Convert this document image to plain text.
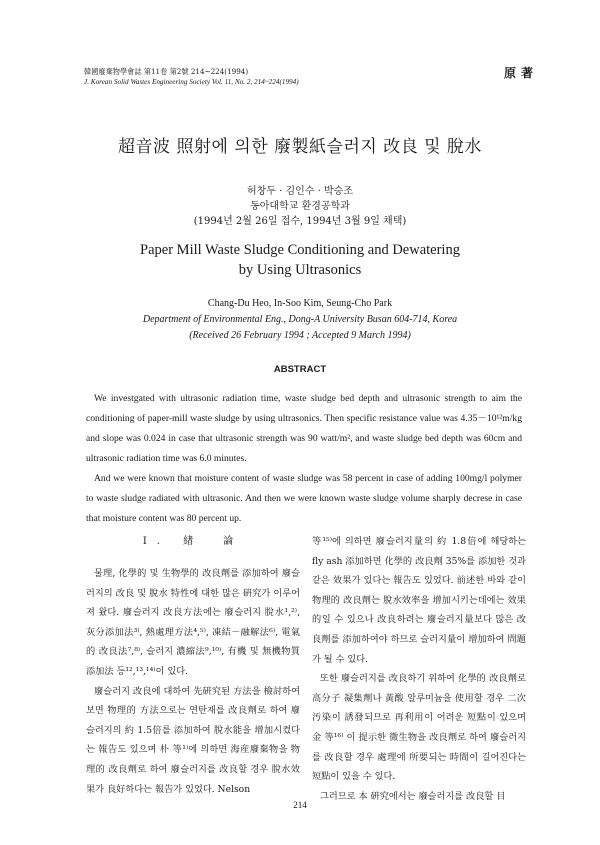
韓國廢棄物學會誌 第11卷 第2號 214~224(1994)
J. Korean Solid Wastes Engineering Society Vol. 11, No. 2, 214~224(1994)
原著
超音波 照射에 의한 廢製紙슬러지 改良 및 脫水
허창두 · 김인수 · 박승조
동아대학교 환경공학과
(1994년 2월 26일 접수, 1994년 3월 9일 채택)
Paper Mill Waste Sludge Conditioning and Dewatering
by Using Ultrasonics
Chang-Du Heo, In-Soo Kim, Seung-Cho Park
Department of Environmental Eng., Dong-A University Busan 604-714, Korea
(Received 26 February 1994 ; Accepted 9 March 1994)
ABSTRACT

We investgated with ultrasonic radiation time, waste sludge bed depth and ultrasonic strength to aim the conditioning of paper-mill waste sludge by using ultrasonics. Then specific resistance value was 4.35－10¹²m/kg and slope was 0.024 in case that ultrasonic strength was 90 watt/m², and waste sludge bed depth was 60cm and ultrasonic radiation time was 6.0 minutes.

And we were known that moisture content of waste sludge was 58 percent in case of adding 100mg/l polymer to waste sludge radiated with ultrasonic. And then we were known waste sludge volume sharply decrese in case that moisture content was 80 percent up.

Ⅰ. 緖　論

물理, 化學的 및 生物學的 改良劑를 添加하여 廢슬러지의 改良 및 脫水 特性에 대한 많은 硏究가 이루어져 왔다. 廢슬러지 改良方法에는 廢슬러지 脫水¹,²⁾, 灰分添加法³⁾, 熱處理方法⁴,⁵⁾, 凍結－融解法⁶⁾, 電氣的 改良法⁷,⁸⁾, 슬러지 濃縮法⁹,¹⁰⁾, 有機 및 無機物質 添加法 등¹²,¹³,¹⁴⁾이 있다.

廢슬러지 改良에 대하여 先硏究된 方法을 檢討하여 보면 物理的 方法으로는 연탄재를 改良劑로 하여 廢슬러지의 約 1.5倍를 添加하여 脫水能을 增加시켰다는 報告도 있으며 朴 等¹⁾에 의하면 海産廢棄物을 物理的 改良劑로 하여 廢슬러지를 改良할 경우 脫水效果가 良好하다는 報告가 있었다. Nelson

等¹⁵⁾에 의하면 廢슬러지量의 約 1.8倍에 해당하는 fly ash 添加하면 化學的 改良劑 35%를 添加한 것과 같은 效果가 있다는 報告도 있었다. 前述한 바와 같이 物理的 改良劑는 脫水效率을 增加시키는데에는 效果的일 수 있으나 改良하려는 廢슬러지量보다 많은 改良劑를 添加하여야 하므로 슬러지量이 增加하여 問題가 될 수 있다.

또한 廢슬러지를 改良하기 위하여 化學的 改良劑로 高分子 凝集劑나 黃酸 알루미늄을 使用할 경우 二次汚染이 誘發되므로 再利用이 어려운 短點이 있으며 金 等¹⁶⁾ 이 提示한 微生物을 改良劑로 하여 廢슬러지를 改良할 경우 處理에 所要되는 時間이 길어진다는 短點이 있을 수 있다.

그러므로 本 硏究에서는 廢슬러지를 改良할 目

214
